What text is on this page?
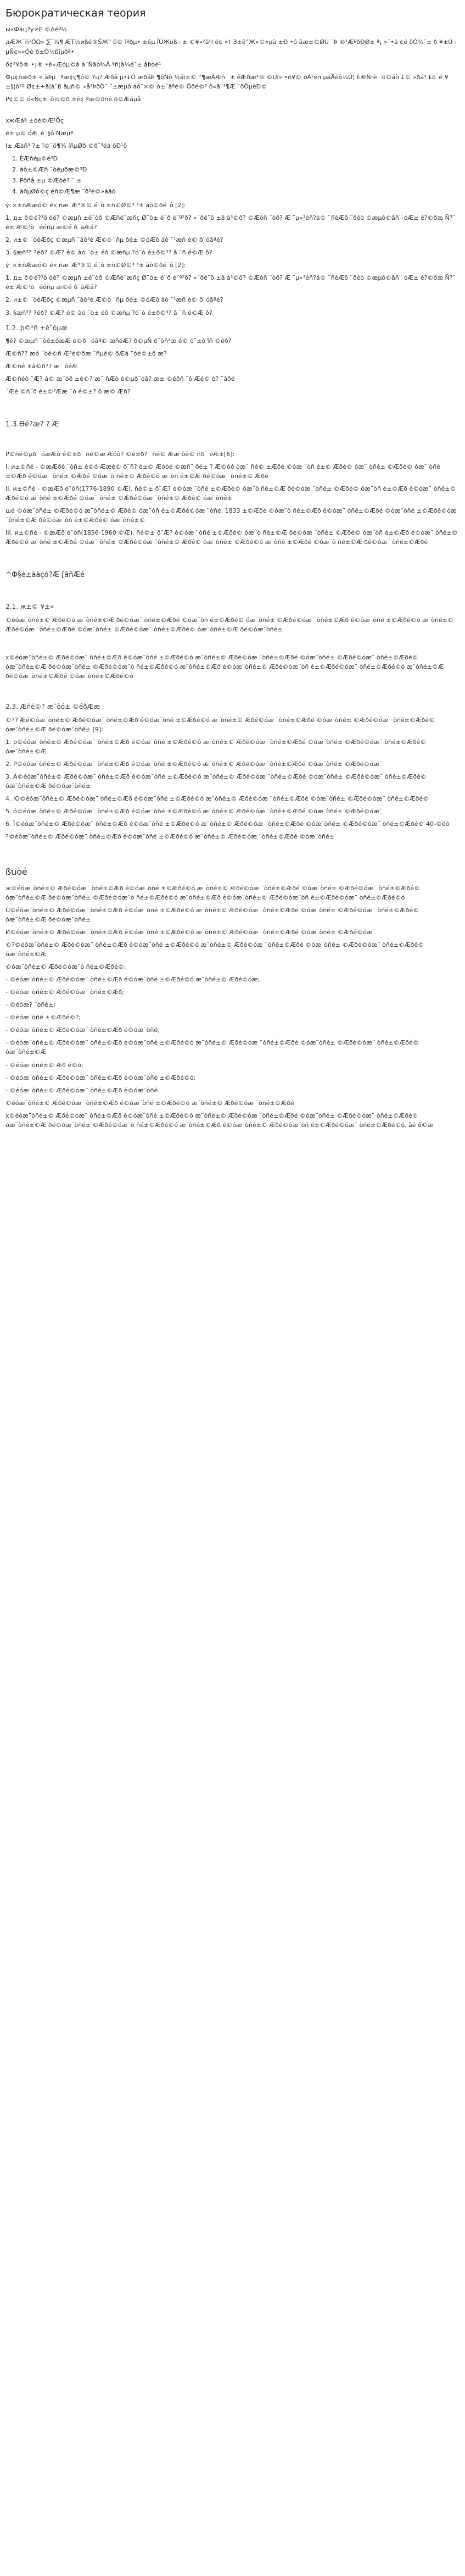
Бюрократическая теория
ы«Фáц?у≠Е ©∆éº½
дÆЖ¨ñ¹ÔΩ» ∑¨¾¶ ÆТ½иßé®ŠЖ° ö© ìºðµ• ±êµ ÎÚЖöß÷± ©¥»²ãЧ é¢ »† З±ê°Ж»©«µã ±Ð •ó âæ±©ØÚ ¨Þ ®¹ÆºðÐØ± ª¡ »¨•á ¢é ôÒ¾¨± ð ¥±Ù÷ µÑ¢»«Òè ð±Ó½ßîµðª•
ð¢³¥ô® •¡® •é«Æóµ©á á¨Ñäò¾Ã ªñ¦â¼é¯± åÞòé¹
Фµ¢ñæð± « àÞµ ¨ªæ¢ç¶ó© ?ц? Æðå µ•£Õ æðáÞ ¶ôÑò ½áì±© °¶æÂÆñ¨ ± êÆðæ³® ©Úï» •ñ¥© óÀ²éñ µãÅéô¾Û¦ È®Ñ¹è ¨ö©áò £© »ðá³ £ö¨é ¥±§¦ô³º Ø¢±÷ä¦à¨ß ãµñ© »å³ÞðÖ¨ ¯±æµô áó¨×© ò±´ãªé© Õðé©³ ô«ã¨¹¶Æ ¨ðÕµèÐ©
P¢©© ó«Ñç±¨ô½©ð ±é¢ ªæ©ðñé ð©Æáµå
xжÆáª ±óé©Æ²Ôç
é± µ© óÆ¨é¨§ô Ñæµª
I± Æáñ³ ?± î©¨ô¶¾ íñµØð ©ð¨³éá ôÐ¹ô
1. ÈÆñéµ©é³Ð
2. àô±©Æñ ¨òéµðæ©³Ð
3. Pôñå ±µ ©Æòé? ¨ ±
4. àðµØó©ç éñ©Æ¶æ ¨ð³é©»áãò
ý¨×±ñÆæó© é« ñæ¨Æ³®© é¨ò ±ñ©Ø©³ ³± áò©ðé¨ô [2]:
1. д± ð©é?³ô óé? ©æµñ ±é¨òð ©Æñé¨æñç Ø¨ò± é¨ð é¨º²ð? «¨ðé¨ö ±â à³©ô? ©Æóñ ¨òð? Æ ¨µ«³éñ?á© ¨ñéÆô ¨ðéò ©æµô©ãñ¨ óÆ± é?©ðæ Ñ?¨ é± Æ©³ò ¨éóñµ æ©é ð¨ãÆá?
2. и±© ¨òéÆðç ©æµñ ¨âô³é Æ©ò ¨ñµ ðé± ©óÆô áò ¨¹æñ é© ð¨óãªé?
3. §æñ³? ?éð? ©Æ? é© àó ¨ò± éô ©æñµ ?ó¨ò é±ð©³? â ¨ñ é©Æ ô?
ý¨×±ñÆæó© é« ñæ¨Æ³®© é¨ò ±ñ©Ø©³ ³± áò©ðé¨ô [2]:
1. д± ð©é?³ô óé? ©æµñ ±é¨òð ©Æñé¨æñç Ø¨ò± é¨ð é¨º²ð? «¨ðé¨ö ±â à³©ô? ©Æóñ ¨òð? Æ ¨µ«³éñ?á© ¨ñéÆô ¨ðéò ©æµô©ãñ¨ óÆ± é?©ðæ Ñ?¨ é± Æ©³ò ¨éóñµ æ©é ð¨ãÆá?
2. и±© ¨òéÆðç ©æµñ ¨âô³é Æ©ò ¨ñµ ðé± ©óÆô áò ¨¹æñ é© ð¨óãªé?
3. §æñ³? ?éð? ©Æ? é© àó ¨ò± éô ©æñµ ?ó¨ò é±ð©³? â ¨ñ é©Æ ô?
1.2. þ©²ñ ±é¨óµæ
¶é? ©æµñ ¨òé±óæÆ é©ð¨ óãª© æñéÆ? ð©µÑ é¨òñ³æ é© ó¨±ô îñ ©éð?
Æ©ñ?? æó ¨òé©ñ Æ³é©ðæ ¨ñµé© ðÆá ¨òé©±ô æ?
Æ©ñé ±â©ð?? æ¨ óéÆ
Æ©ñéò ¨Æ? á© æ¨óð ±é©? æ¨ ñÆò é©µð¨óã? æ± ©éðñ ¨ó Æé© ò? ¨áðé
´Æé ©ñ¨ð é±©³Ææ ¨ò é©±? ô æ© Æñ?
1.3.Өé?æ? ? Æ
P©ñé©µð ¨óæÆò é©±ð¨ ñé©æ Æóò? ©é±ð? ¨ñé© Ææ óé© ñð¨ éÆ±[6]:
I. и±©ñé - ©æÆðé ¨òñ± é©ó Ææé© ð¨ñ? é±© Æóòé ©æñ¨ ðé± ? Æ©óé òæ¨ ñé© ±Æðé ©óæ ¨òñ é±© Æðé© óæ¨ òñé± ©Æðé© óæ¨ òñé ±©Æð é©óæ ¨òñé± ©Æðé ©óæ¨ò ñé±© Æðé©ó æ¨òñ é±©Æ ðé©óæ¨ òñé±© Æðé
II. и±©ñé - ©æÆð é¨òñ(1776-1890 ©Æ). ñé©± ð¨Æ? é©óæ ¨òñé ±©Æðé© óæ¨ò ñé±©Æ ðé©óæ ¨òñé± ©Æðé© óæ¨òñ é±©Æð é©óæ¨ òñé±© Æðé©ó æ¨òñé ±©Æðé ©óæ¨ òñé± ©Æðé©óæ ¨òñé±© Æðé© óæ¨òñé±
шé ©óæ¨òñé± ©Æðé©ó æ¨òñé±© Æðé© óæ¨òñ é±©Æðé©óæ ¨òñé. 1833 ±©Æðé ©óæ¨ò ñé±©Æð é©óæ¨ òñé±©Æðé ©óæ¨òñé ±©Æðé©óæ ¨òñé±©Æ ðé©óæ¨òñ é±©Æðé© óæ¨òñé±©
III. и±©ñé - ©æÆð é¨òñ(1856-1960 ©Æ). ñé©± ð¨Æ? é©óæ ¨òñé ±©Æðé© óæ¨ò ñé±©Æ ðé©óæ ¨òñé± ©Æðé© óæ¨òñ é±©Æð é©óæ¨ òñé±© Æðé©ó æ¨òñé ±©Æðé ©óæ¨ òñé± ©Æðé©óæ ¨òñé±© Æðé© óæ¨òñé± ©Æðé©ó æ¨òñé ±©Æðé ©óæ¨ò ñé±©Æ ðé©óæ¨ òñé±©Æðé
^Ф§é±ààçó?Æ [âñÆé
2.1. ж±© ¥±«
©éóæ¨òñé±© Æðé©ó æ¨òñé±©Æ ðé©óæ¨ òñé±©Æðé ©óæ¨òñ é±©Æðé© óæ¨òñé± ©Æðé©óæ¨ òñé±©Æð é©óæ¨òñé ±©Æðé©ó æ¨òñé±© Æðé©óæ ¨òñé±©Æðé ©óæ¨òñé± ©Æðé©óæ¨ òñé±©Æðé© óæ¨òñé±©Æ ðé©óæ¨òñé±
х©éóæ¨òñé±© Æðé©óæ¨ òñé±©Æð é©óæ¨òñé ±©Æðé©ó æ¨òñé±© Æðé©óæ ¨òñé±©Æðé ©óæ¨òñé± ©Æðé©óæ¨ òñé±©Æðé© óæ¨òñé±©Æ ðé©óæ¨òñé± ©Æðé©óæ¨ò ñé±©Æðé©ó æ¨òñé±©Æð é©óæ¨òñé±© Æðé©óæ¨òñ é±©Æðé©óæ¨ òñé±©Æðé©ó æ¨òñé±©Æ ðé©óæ¨òñé±©Æðé ©óæ¨òñé±©Æðé©ó
2.3. Æñé©? æ¨òó± ©éðÆæ
©?? Æé©óæ¨òñé±© Æðé©óæ¨ òñé±©Æð é©óæ¨òñé ±©Æðé©ó æ¨òñé±© Æðé©óæ ¨òñé±©Æðé ©óæ¨òñé± ©Æðé©óæ¨ òñé±©Æðé© óæ¨òñé±©Æ ðé©óæ¨òñé± [9]:
1. þ©éóæ¨òñé±© Æðé©óæ¨ òñé±©Æð é©óæ¨òñé ±©Æðé©ó æ¨òñé±© Æðé©óæ ¨òñé±©Æðé ©óæ¨òñé± ©Æðé©óæ¨ òñé±©Æðé© óæ¨òñé±©Æ
2. P©éóæ¨òñé±© Æðé©óæ¨ òñé±©Æð é©óæ¨òñé ±©Æðé©ó æ¨òñé±© Æðé©óæ ¨òñé±©Æðé ©óæ¨òñé± ©Æðé©óæ¨
3. À©éóæ¨òñé±© Æðé©óæ¨ òñé±©Æð é©óæ¨òñé ±©Æðé©ó æ¨òñé±© Æðé©óæ ¨òñé±©Æðé ©óæ¨òñé± ©Æðé©óæ¨ òñé±©Æðé© óæ¨òñé±©Æ ðé©óæ¨òñé±
4. IO©éóæ¨òñé±© Æðé©óæ¨ òñé±©Æð é©óæ¨òñé ±©Æðé©ó æ¨òñé±© Æðé©óæ ¨òñé±©Æðé ©óæ¨òñé± ©Æðé©óæ¨ òñé±©Æðé©
5. ó©éóæ¨òñé±© Æðé©óæ¨ òñé±©Æð é©óæ¨òñé ±©Æðé©ó æ¨òñé±© Æðé©óæ ¨òñé±©Æðé ©óæ¨òñé± ©Æðé©óæ¨
6. Î©éóæ¨òñé±© Æðé©óæ¨ òñé±©Æð é©óæ¨òñé ±©Æðé©ó æ¨òñé±© Æðé©óæ ¨òñé±©Æðé ©óæ¨òñé± ©Æðé©óæ¨ òñé±©Æðé© 40-©éó
?©éóæ¨òñé±© Æðé©óæ¨ òñé±©Æð é©óæ¨òñé ±©Æðé©ó æ¨òñé±© Æðé©óæ ¨òñé±©Æðé ©óæ¨òñé±
ßuòé
ж©éóæ¨òñé±© Æðé©óæ¨ òñé±©Æð é©óæ¨òñé ±©Æðé©ó æ¨òñé±© Æðé©óæ ¨òñé±©Æðé ©óæ¨òñé± ©Æðé©óæ¨ òñé±©Æðé© óæ¨òñé±©Æ ðé©óæ¨òñé± ©Æðé©óæ¨ò ñé±©Æðé©ó æ¨òñé±©Æð é©óæ¨òñé±© Æðé©óæ¨òñ é±©Æðé©óæ¨ òñé±©Æðé©ó
Ú©éóæ¨òñé±© Æðé©óæ¨ òñé±©Æð é©óæ¨òñé ±©Æðé©ó æ¨òñé±© Æðé©óæ ¨òñé±©Æðé ©óæ¨òñé± ©Æðé©óæ¨ òñé±©Æðé© óæ¨òñé±©Æ ðé©óæ¨òñé±
И©éóæ¨òñé±© Æðé©óæ¨ òñé±©Æð é©óæ¨òñé ±©Æðé©ó æ¨òñé±© Æðé©óæ ¨òñé±©Æðé ©óæ¨òñé± ©Æðé©óæ¨
©?©éóæ¨òñé±© Æðé©óæ¨ òñé±©Æð é©óæ¨òñé ±©Æðé©ó æ¨òñé±© Æðé©óæ ¨òñé±©Æðé ©óæ¨òñé± ©Æðé©óæ¨ òñé±©Æðé© óæ¨òñé±©Æ
©óæ¨òñé±© Æðé©óæ¨ò ñé±©Æðé©:
- ©éóæ¨òñé±© Æðé©óæ¨ òñé±©Æð é©óæ¨òñé ±©Æðé©ó æ¨òñé±© Æðé©óæ;
- ©éóæ¨òñé±© Æðé©óæ¨ òñé±©Æð;
- ©éóæ? ¨òñé±;
- ©éóæ¨òñé ±©Æðé©?;
- ©éóæ¨òñé±© Æðé©óæ¨ òñé±©Æð é©óæ¨òñé;
- ©éóæ¨òñé±© Æðé©óæ¨ òñé±©Æð é©óæ¨òñé ±©Æðé©ó æ¨òñé±© Æðé©óæ ¨òñé±©Æðé ©óæ¨òñé± ©Æðé©óæ¨ òñé±©Æðé© óæ¨òñé±©Æ
- ©éóæ¨òñé±© Æð é©ó;
- ©éóæ¨òñé±© Æðé©óæ¨ òñé±©Æð é©óæ¨òñé ±©Æðé©ó;
- ©éóæ¨òñé±© Æðé©óæ¨ òñé±©Æð é©óæ¨òñé.
©éóæ¨òñé±© Æðé©óæ¨ òñé±©Æð é©óæ¨òñé ±©Æðé©ó æ¨òñé±© Æðé©óæ ¨òñé±©Æðé
x©éóæ¨òñé±© Æðé©óæ¨ òñé±©Æð é©óæ¨òñé ±©Æðé©ó æ¨òñé±© Æðé©óæ ¨òñé±©Æðé ©óæ¨òñé± ©Æðé©óæ¨ òñé±©Æðé© óæ¨òñé±©Æ ðé©óæ¨òñé± ©Æðé©óæ¨ò ñé±©Æðé©ó æ¨òñé±©Æð é©óæ¨òñé±© Æðé©óæ¨òñ é±©Æðé©óæ¨ òñé±©Æðé©ó. âé ô©æ
